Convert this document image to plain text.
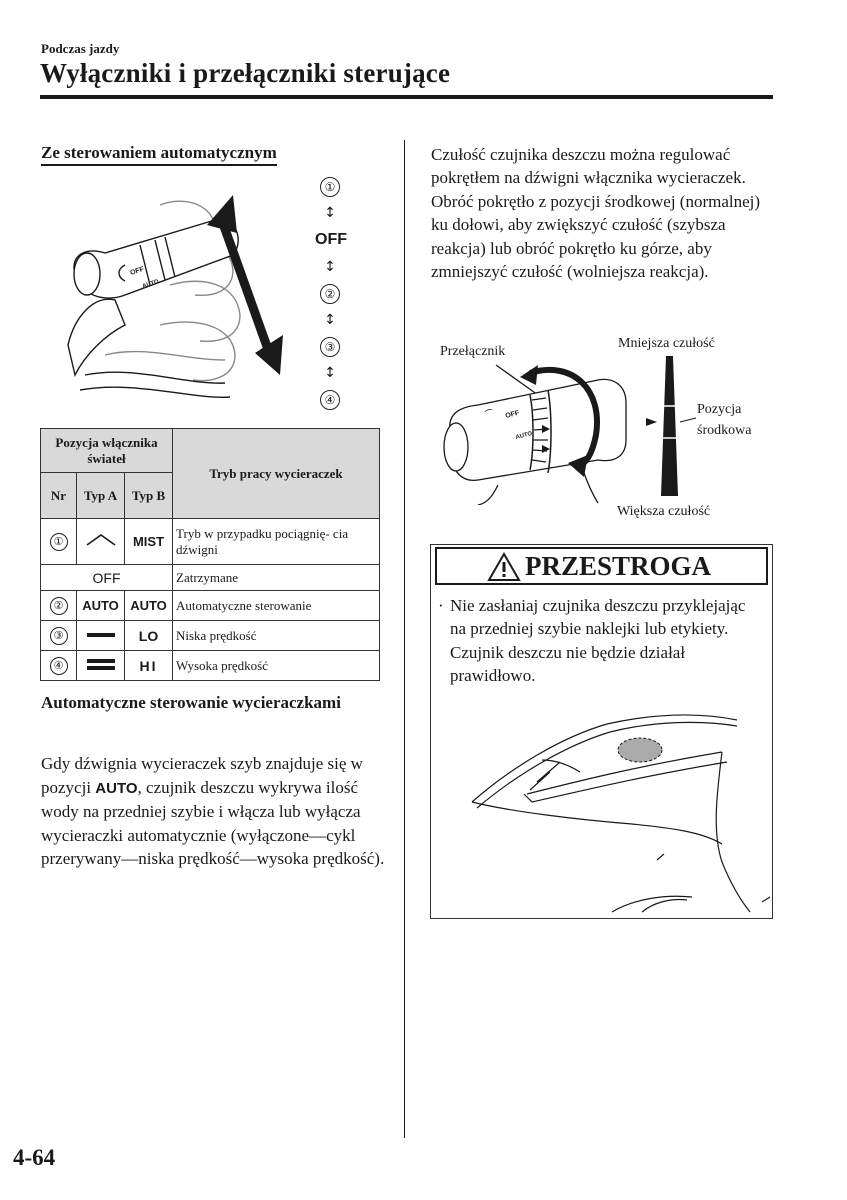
Podczas jazdy
Wyłączniki i przełączniki sterujące
Ze sterowaniem automatycznym
OFF
AUTO
①
↕
OFF
↕
②
↕
③
↕
④
Pozycja włącznika świateł			Tryb pracy wycieraczek
Nr	Typ A	Typ B	

①		MIST	Tryb w przypadku pociągnię- cia dźwigni
OFF			Zatrzymane

②	AUTO	AUTO	Automatyczne sterowanie

③		LO	Niska prędkość

④		HI	Wysoka prędkość
Automatyczne sterowanie wycieraczkami
Gdy dźwignia wycieraczek szyb znajduje się w pozycji AUTO, czujnik deszczu wykrywa ilość wody na przedniej szybie i włącza lub wyłącza wycieraczki automatycznie (wyłączone—cykl przerywany—niska prędkość—wysoka prędkość).
Czułość czujnika deszczu można regulować pokrętłem na dźwigni włącznika wycieraczek. Obróć pokrętło z pozycji środkowej (normalnej) ku dołowi, aby zwiększyć czułość (szybsza reakcja) lub obróć pokrętło ku górze, aby zmniejszyć czułość (wolniejsza reakcja).
Przełącznik
Mniejsza czułość
Pozycja
środkowa
Większa czułość
⌒ OFF
AUTO
PRZESTROGA
· Nie zasłaniaj czujnika deszczu przyklejając na przedniej szybie naklejki lub etykiety. Czujnik deszczu nie będzie działał prawidłowo.
4-64
